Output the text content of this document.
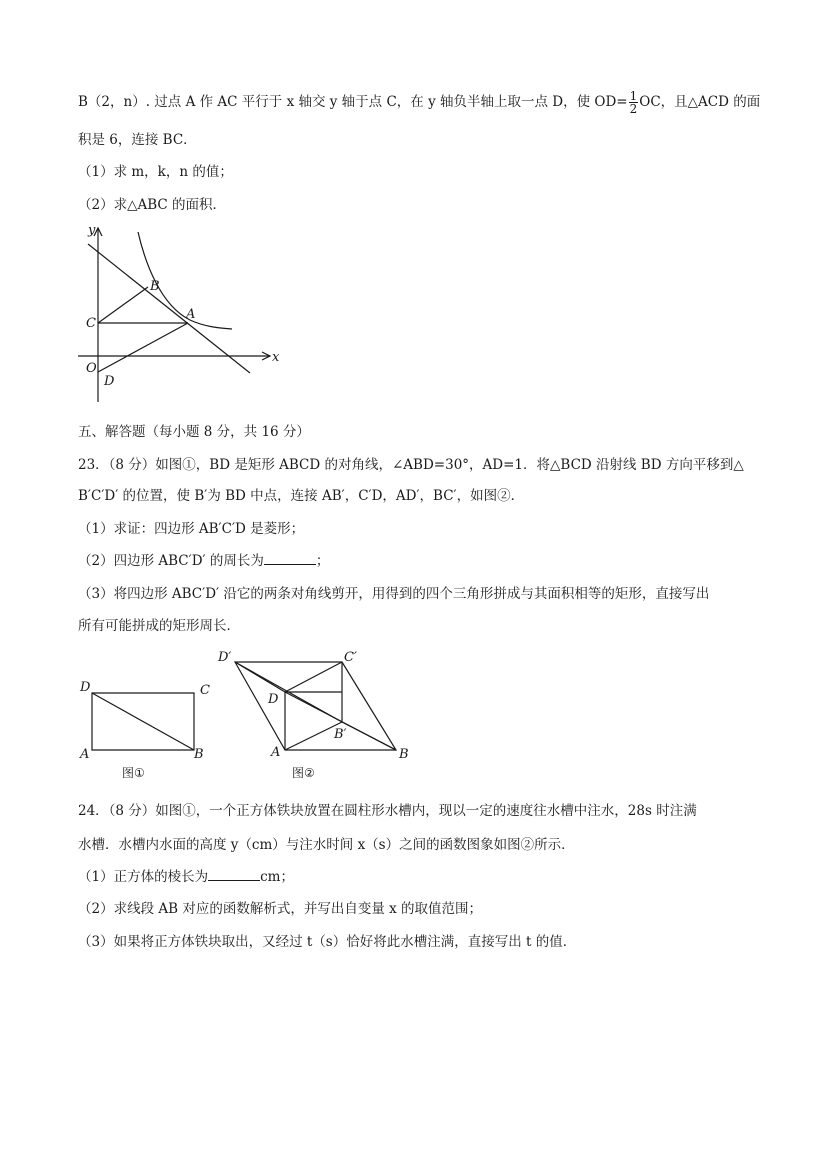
B（2，n）. 过点 A 作 AC 平行于 x 轴交 y 轴于点 C，在 y 轴负半轴上取一点 D，使 $OD= \frac{1}{2}$ OC，且△ACD 的面
积是 6，连接 BC．
（1）求 m，k，n 的值；
（2）求△ABC 的面积．
y
x
O
C
B
A
D
五、解答题（每小题 8 分，共 16 分）
23．（8 分）如图①，BD 是矩形 ABCD 的对角线，∠ABD=30°，AD=1．将△BCD 沿射线 BD 方向平移到△
B′C′D′ 的位置，使 B′为 BD 中点，连接 AB′，C′D，AD′，BC′，如图②．
（1）求证：四边形 AB′C′D 是菱形；
（2）四边形 ABC′D′ 的周长为	；
（3）将四边形 ABC′D′ 沿它的两条对角线剪开，用得到的四个三角形拼成与其面积相等的矩形，直接写出
所有可能拼成的矩形周长．
D	C
A	B
图①
D′	C′
D
B′
A	B
图②
24．（8 分）如图①，一个正方体铁块放置在圆柱形水槽内，现以一定的速度往水槽中注水，28s 时注满
水槽．水槽内水面的高度 y（cm）与注水时间 x（s）之间的函数图象如图②所示．
（1）正方体的棱长为	cm；
（2）求线段 AB 对应的函数解析式，并写出自变量 x 的取值范围；
（3）如果将正方体铁块取出，又经过 t（s）恰好将此水槽注满，直接写出 t 的值．
